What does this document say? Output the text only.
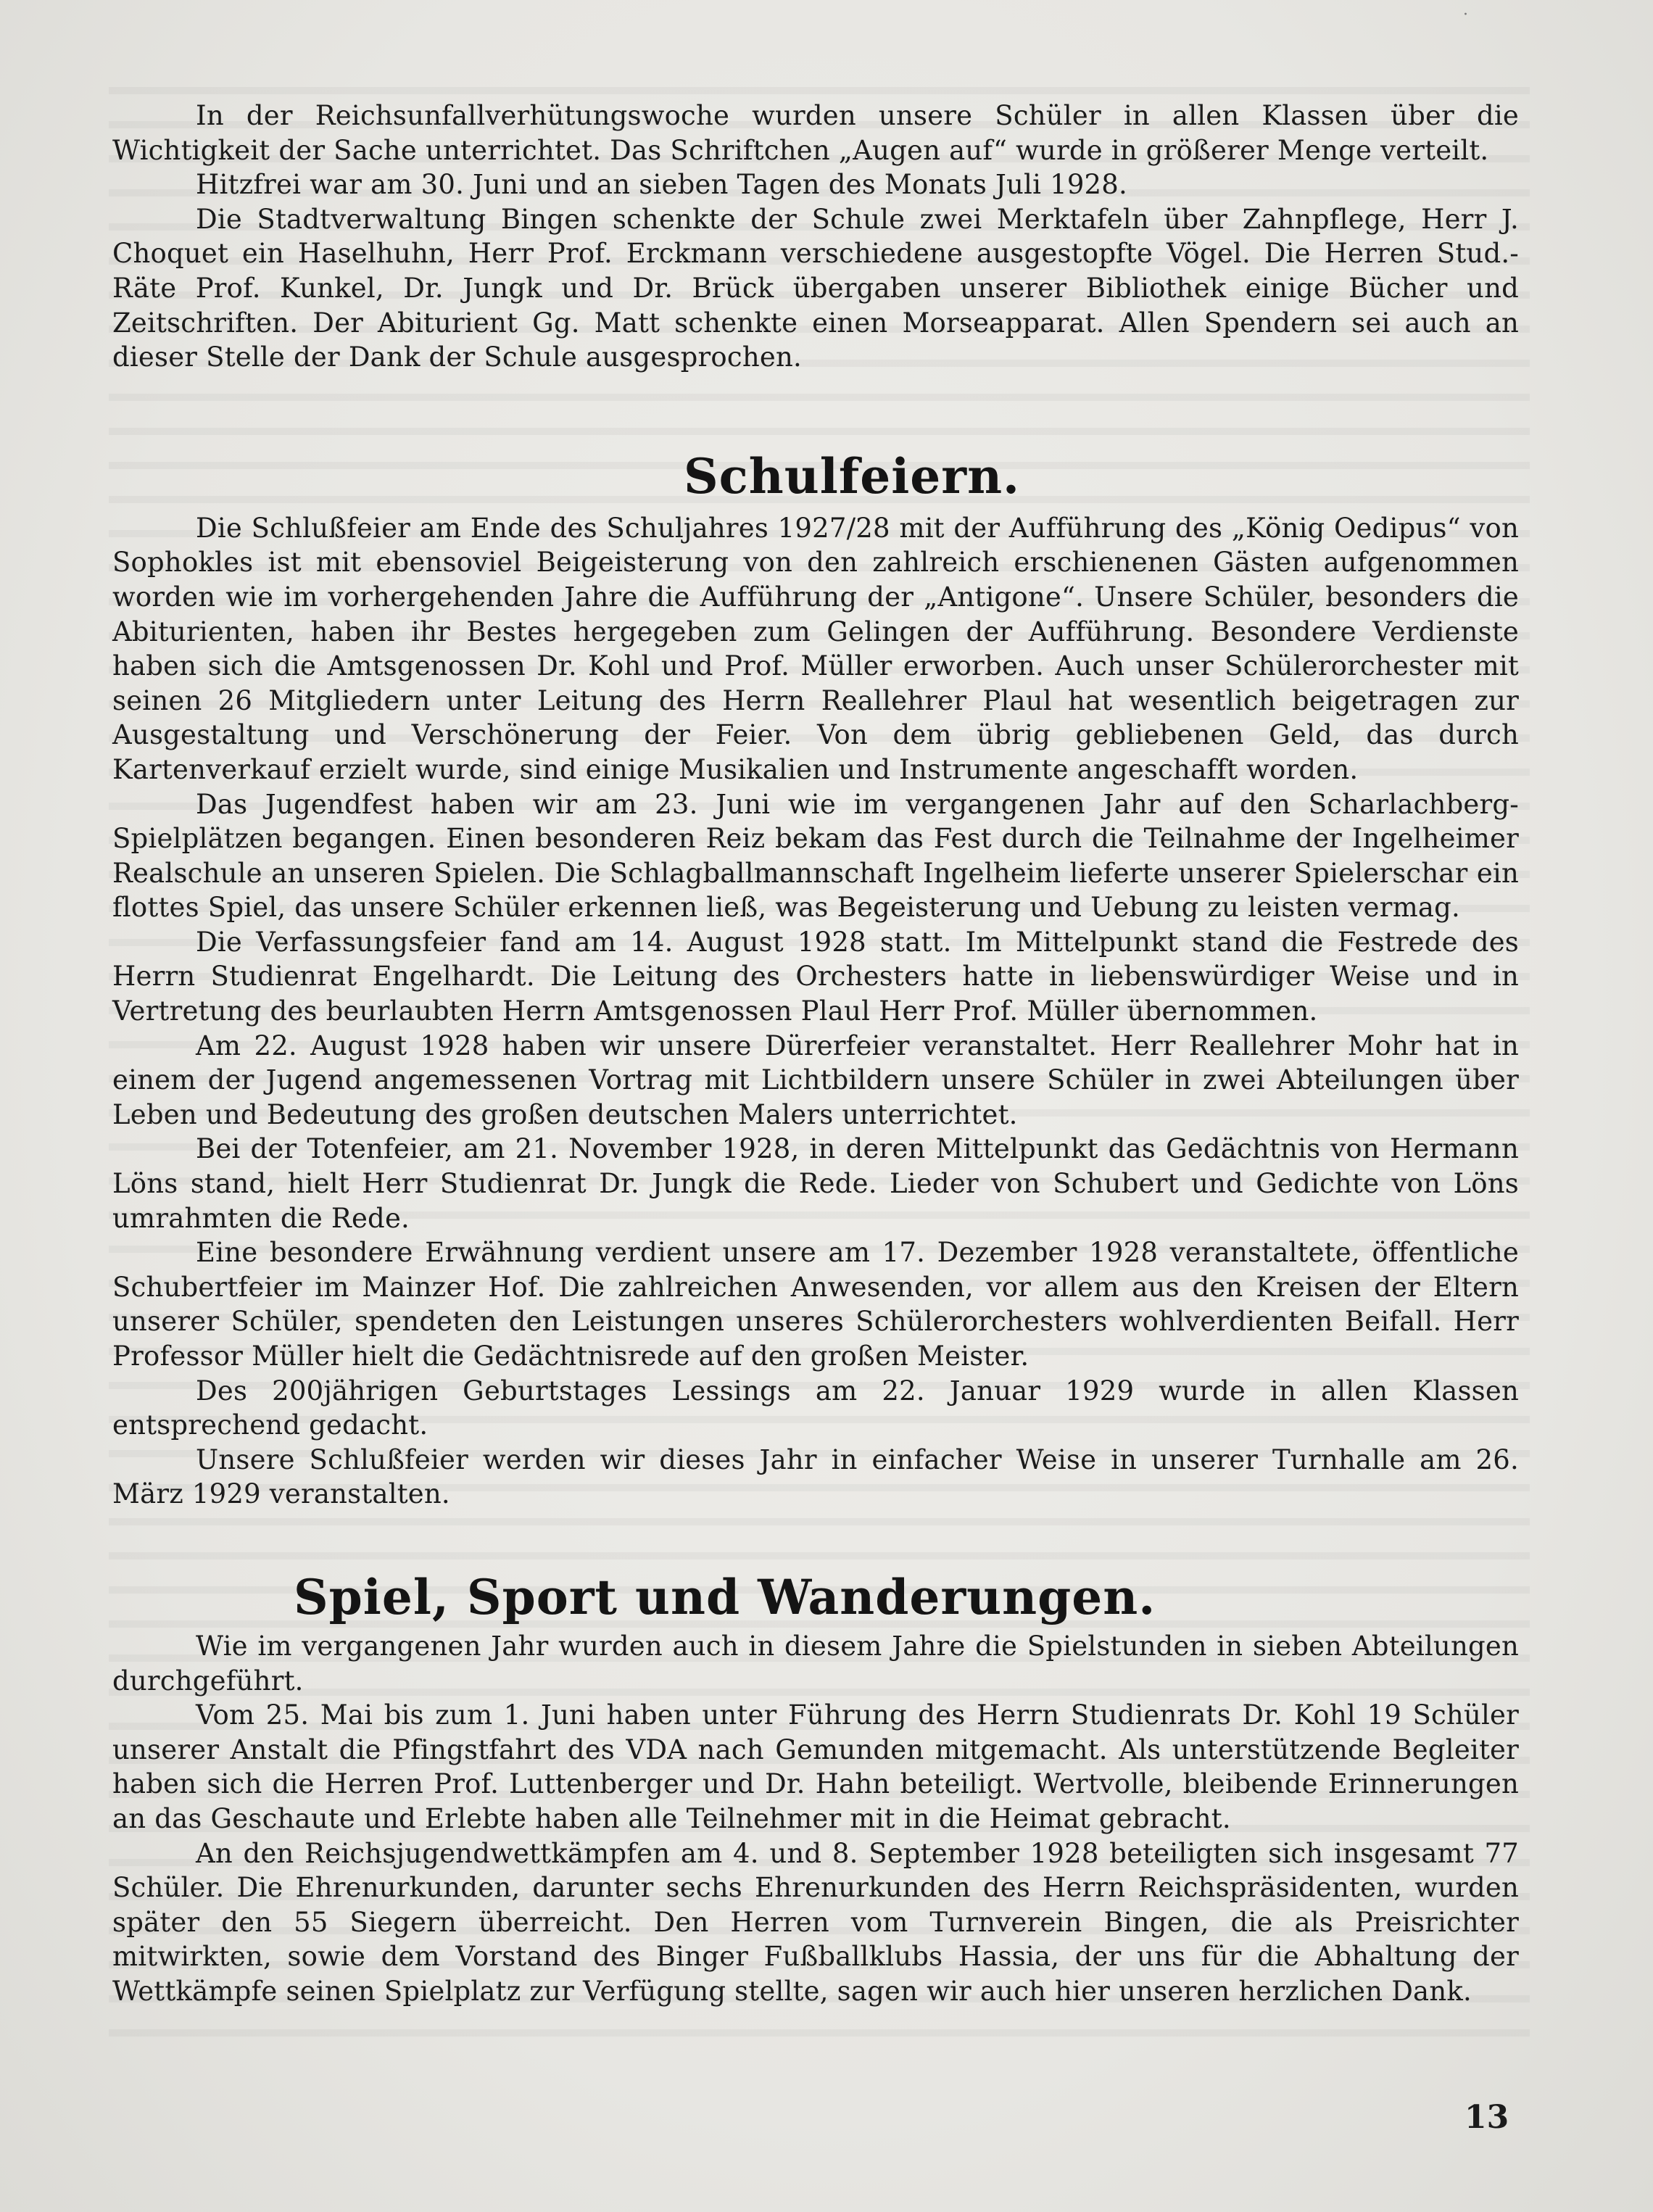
·

In der Reichsunfallverhütungswoche wurden unsere Schüler in allen Klassen über die Wichtigkeit der Sache unterrichtet. Das Schriftchen „Augen auf“ wurde in größerer Menge verteilt.

Hitzfrei war am 30. Juni und an sieben Tagen des Monats Juli 1928.

Die Stadtverwaltung Bingen schenkte der Schule zwei Merktafeln über Zahnpflege, Herr J. Choquet ein Haselhuhn, Herr Prof. Erckmann verschiedene ausgestopfte Vögel. Die Herren Stud.-Räte Prof. Kunkel, Dr. Jungk und Dr. Brück übergaben unserer Bibliothek einige Bücher und Zeitschriften. Der Abiturient Gg. Matt schenkte einen Morseapparat. Allen Spendern sei auch an dieser Stelle der Dank der Schule ausgesprochen.

Schulfeiern.

Die Schlußfeier am Ende des Schuljahres 1927/28 mit der Aufführung des „König Oedipus“ von Sophokles ist mit ebensoviel Beigeisterung von den zahlreich erschienenen Gästen aufgenommen worden wie im vorhergehenden Jahre die Aufführung der „Antigone“. Unsere Schüler, besonders die Abiturienten, haben ihr Bestes hergegeben zum Gelingen der Aufführung. Besondere Verdienste haben sich die Amtsgenossen Dr. Kohl und Prof. Müller erworben. Auch unser Schülerorchester mit seinen 26 Mitgliedern unter Leitung des Herrn Reallehrer Plaul hat wesentlich beigetragen zur Ausgestaltung und Verschönerung der Feier. Von dem übrig gebliebenen Geld, das durch Kartenverkauf erzielt wurde, sind einige Musikalien und Instrumente angeschafft worden.

Das Jugendfest haben wir am 23. Juni wie im vergangenen Jahr auf den Scharlachberg-Spielplätzen begangen. Einen besonderen Reiz bekam das Fest durch die Teilnahme der Ingelheimer Realschule an unseren Spielen. Die Schlagballmannschaft Ingelheim lieferte unserer Spielerschar ein flottes Spiel, das unsere Schüler erkennen ließ, was Begeisterung und Uebung zu leisten vermag.

Die Verfassungsfeier fand am 14. August 1928 statt. Im Mittelpunkt stand die Festrede des Herrn Studienrat Engelhardt. Die Leitung des Orchesters hatte in liebenswürdiger Weise und in Vertretung des beurlaubten Herrn Amtsgenossen Plaul Herr Prof. Müller übernommen.

Am 22. August 1928 haben wir unsere Dürerfeier veranstaltet. Herr Reallehrer Mohr hat in einem der Jugend angemessenen Vortrag mit Lichtbildern unsere Schüler in zwei Abteilungen über Leben und Bedeutung des großen deutschen Malers unterrichtet.

Bei der Totenfeier, am 21. November 1928, in deren Mittelpunkt das Gedächtnis von Hermann Löns stand, hielt Herr Studienrat Dr. Jungk die Rede. Lieder von Schubert und Gedichte von Löns umrahmten die Rede.

Eine besondere Erwähnung verdient unsere am 17. Dezember 1928 veranstaltete, öffentliche Schubertfeier im Mainzer Hof. Die zahlreichen Anwesenden, vor allem aus den Kreisen der Eltern unserer Schüler, spendeten den Leistungen unseres Schülerorchesters wohlverdienten Beifall. Herr Professor Müller hielt die Gedächtnisrede auf den großen Meister.

Des 200jährigen Geburtstages Lessings am 22. Januar 1929 wurde in allen Klassen entsprechend gedacht.

Unsere Schlußfeier werden wir dieses Jahr in einfacher Weise in unserer Turnhalle am 26. März 1929 veranstalten.

Spiel, Sport und Wanderungen.

Wie im vergangenen Jahr wurden auch in diesem Jahre die Spielstunden in sieben Abteilungen durchgeführt.

Vom 25. Mai bis zum 1. Juni haben unter Führung des Herrn Studienrats Dr. Kohl 19 Schüler unserer Anstalt die Pfingstfahrt des VDA nach Gemunden mitgemacht. Als unterstützende Begleiter haben sich die Herren Prof. Luttenberger und Dr. Hahn beteiligt. Wertvolle, bleibende Erinnerungen an das Geschaute und Erlebte haben alle Teilnehmer mit in die Heimat gebracht.

An den Reichsjugendwettkämpfen am 4. und 8. September 1928 beteiligten sich insgesamt 77 Schüler. Die Ehrenurkunden, darunter sechs Ehrenurkunden des Herrn Reichspräsidenten, wurden später den 55 Siegern überreicht. Den Herren vom Turnverein Bingen, die als Preisrichter mitwirkten, sowie dem Vorstand des Binger Fußballklubs Hassia, der uns für die Abhaltung der Wettkämpfe seinen Spielplatz zur Verfügung stellte, sagen wir auch hier unseren herzlichen Dank.

13
